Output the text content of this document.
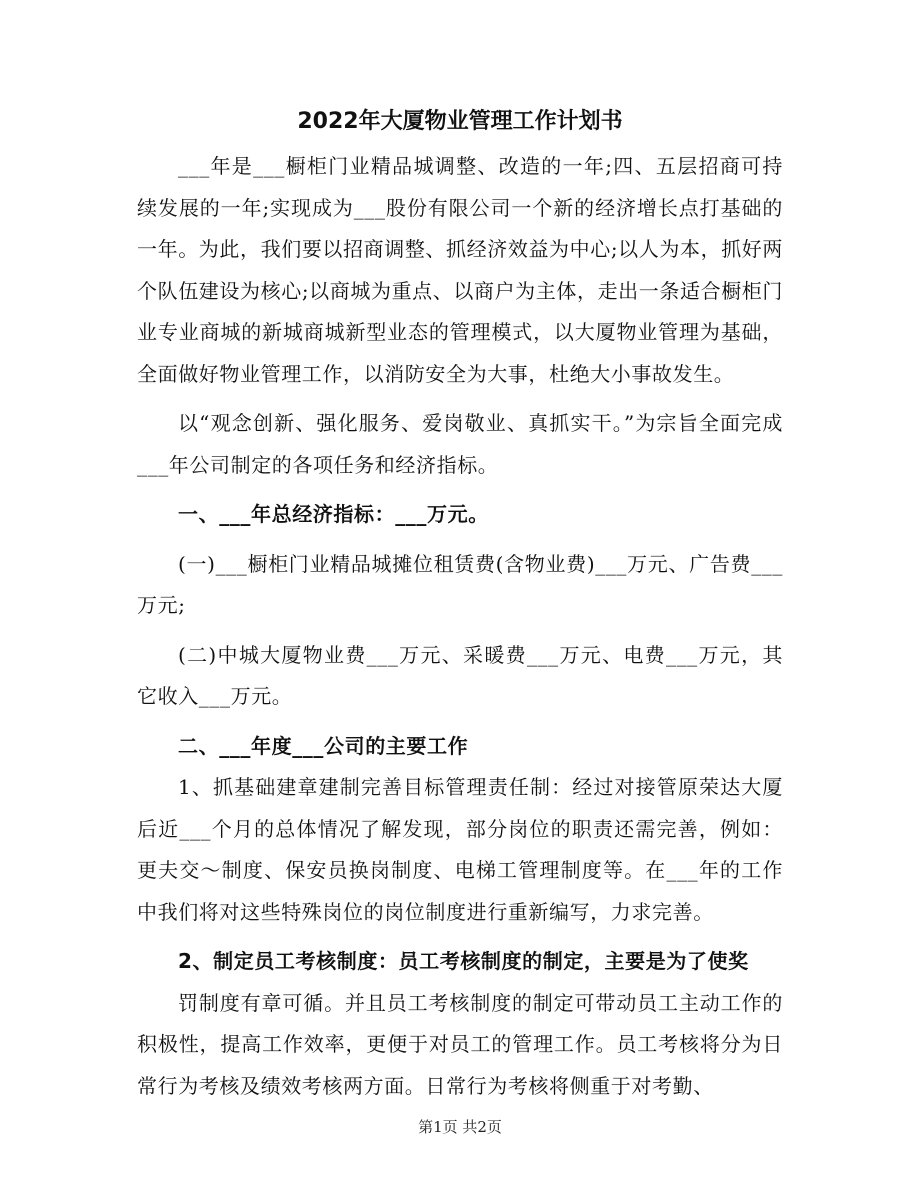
2022年大厦物业管理工作计划书

___年是___橱柜门业精品城调整、改造的一年;四、五层招商可持续发展的一年;实现成为___股份有限公司一个新的经济增长点打基础的一年。为此，我们要以招商调整、抓经济效益为中心;以人为本，抓好两个队伍建设为核心;以商城为重点、以商户为主体，走出一条适合橱柜门业专业商城的新城商城新型业态的管理模式，以大厦物业管理为基础，全面做好物业管理工作，以消防安全为大事，杜绝大小事故发生。

以“观念创新、强化服务、爱岗敬业、真抓实干。”为宗旨全面完成___年公司制定的各项任务和经济指标。

一、___年总经济指标：___万元。

(一)___橱柜门业精品城摊位租赁费(含物业费)___万元、广告费___万元;

(二)中城大厦物业费___万元、采暖费___万元、电费___万元，其它收入___万元。

二、___年度___公司的主要工作

1、抓基础建章建制完善目标管理责任制：经过对接管原荣达大厦后近___个月的总体情况了解发现，部分岗位的职责还需完善，例如：更夫交～制度、保安员换岗制度、电梯工管理制度等。在___年的工作中我们将对这些特殊岗位的岗位制度进行重新编写，力求完善。

2、制定员工考核制度：员工考核制度的制定，主要是为了使奖

罚制度有章可循。并且员工考核制度的制定可带动员工主动工作的积极性，提高工作效率，更便于对员工的管理工作。员工考核将分为日常行为考核及绩效考核两方面。日常行为考核将侧重于对考勤、

第1页 共2页
